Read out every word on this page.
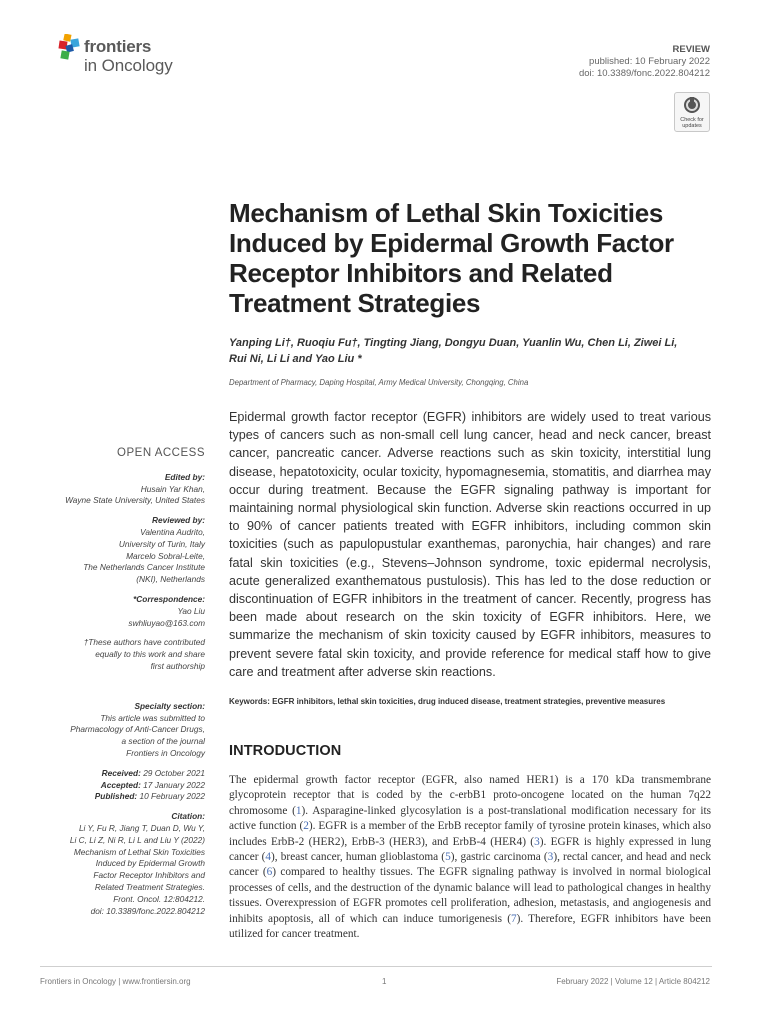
frontiers
in Oncology
REVIEW
published: 10 February 2022
doi: 10.3389/fonc.2022.804212
Check for updates
Mechanism of Lethal Skin Toxicities Induced by Epidermal Growth Factor Receptor Inhibitors and Related Treatment Strategies
Yanping Li†, Ruoqiu Fu†, Tingting Jiang, Dongyu Duan, Yuanlin Wu, Chen Li, Ziwei Li,
Rui Ni, Li Li and Yao Liu *
Department of Pharmacy, Daping Hospital, Army Medical University, Chongqing, China

Epidermal growth factor receptor (EGFR) inhibitors are widely used to treat various types of cancers such as non-small cell lung cancer, head and neck cancer, breast cancer, pancreatic cancer. Adverse reactions such as skin toxicity, interstitial lung disease, hepatotoxicity, ocular toxicity, hypomagnesemia, stomatitis, and diarrhea may occur during treatment. Because the EGFR signaling pathway is important for maintaining normal physiological skin function. Adverse skin reactions occurred in up to 90% of cancer patients treated with EGFR inhibitors, including common skin toxicities (such as papulopustular exanthemas, paronychia, hair changes) and rare fatal skin toxicities (e.g., Stevens–Johnson syndrome, toxic epidermal necrolysis, acute generalized exanthematous pustulosis). This has led to the dose reduction or discontinuation of EGFR inhibitors in the treatment of cancer. Recently, progress has been made about research on the skin toxicity of EGFR inhibitors. Here, we summarize the mechanism of skin toxicity caused by EGFR inhibitors, measures to prevent severe fatal skin toxicity, and provide reference for medical staff how to give care and treatment after adverse skin reactions.

Keywords: EGFR inhibitors, lethal skin toxicities, drug induced disease, treatment strategies, preventive measures
OPEN ACCESS
Edited by:
Husain Yar Khan,
Wayne State University, United States
Reviewed by:
Valentina Audrito,
University of Turin, Italy
Marcelo Sobral-Leite,
The Netherlands Cancer Institute
(NKI), Netherlands
*Correspondence:
Yao Liu
swhliuyao@163.com
†These authors have contributed
equally to this work and share
first authorship
Specialty section:
This article was submitted to
Pharmacology of Anti-Cancer Drugs,
a section of the journal
Frontiers in Oncology
Received: 29 October 2021
Accepted: 17 January 2022
Published: 10 February 2022
Citation:
Li Y, Fu R, Jiang T, Duan D, Wu Y,
Li C, Li Z, Ni R, Li L and Liu Y (2022)
Mechanism of Lethal Skin Toxicities
Induced by Epidermal Growth
Factor Receptor Inhibitors and
Related Treatment Strategies.
Front. Oncol. 12:804212.
doi: 10.3389/fonc.2022.804212
INTRODUCTION

The epidermal growth factor receptor (EGFR, also named HER1) is a 170 kDa transmembrane glycoprotein receptor that is coded by the c-erbB1 proto-oncogene located on the human 7q22 chromosome (1). Asparagine-linked glycosylation is a post-translational modification necessary for its active function (2). EGFR is a member of the ErbB receptor family of tyrosine protein kinases, which also includes ErbB-2 (HER2), ErbB-3 (HER3), and ErbB-4 (HER4) (3). EGFR is highly expressed in lung cancer (4), breast cancer, human glioblastoma (5), gastric carcinoma (3), rectal cancer, and head and neck cancer (6) compared to healthy tissues. The EGFR signaling pathway is involved in normal biological processes of cells, and the destruction of the dynamic balance will lead to pathological changes in healthy tissues. Overexpression of EGFR promotes cell proliferation, adhesion, metastasis, and angiogenesis and inhibits apoptosis, all of which can induce tumorigenesis (7). Therefore, EGFR inhibitors have been utilized for cancer treatment.

Frontiers in Oncology | www.frontiersin.org	1	February 2022 | Volume 12 | Article 804212
